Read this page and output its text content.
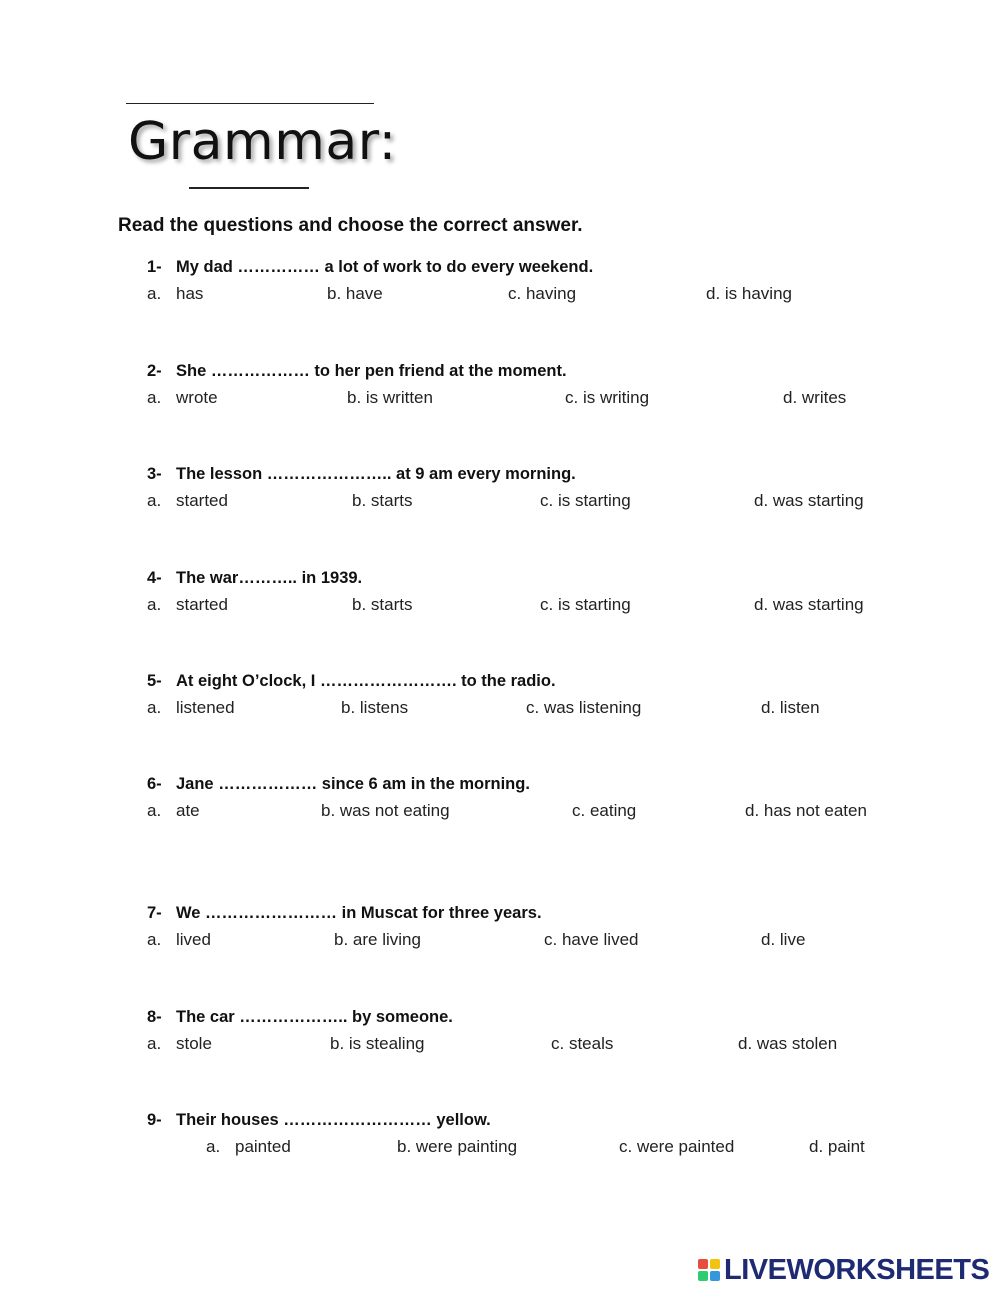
Grammar:
Read the questions and choose the correct answer.
1- My dad …………… a lot of work to do every weekend.
a. has	b. have	c. having	d. is having
2- She ……………… to her pen friend at the moment.
a. wrote	b. is written	c. is writing	d. writes
3- The lesson ………………….. at 9 am every morning.
a. started	b. starts	c. is starting	d. was starting
4- The war……….. in 1939.
a. started	b. starts	c. is starting	d. was starting
5- At eight O’clock, I ……………………. to the radio.
a. listened	b. listens	c. was listening	d. listen
6- Jane ……………… since 6 am in the morning.
a. ate	b. was not eating	c. eating	d. has not eaten
7- We …………………… in Muscat for three years.
a. lived	b. are living	c. have lived	d. live
8- The car ……………….. by someone.
a. stole	b. is stealing	c. steals	d. was stolen
9- Their houses ……………………… yellow.
a. painted	b. were painting	c. were painted	d. paint
LIVEWORKSHEETS
